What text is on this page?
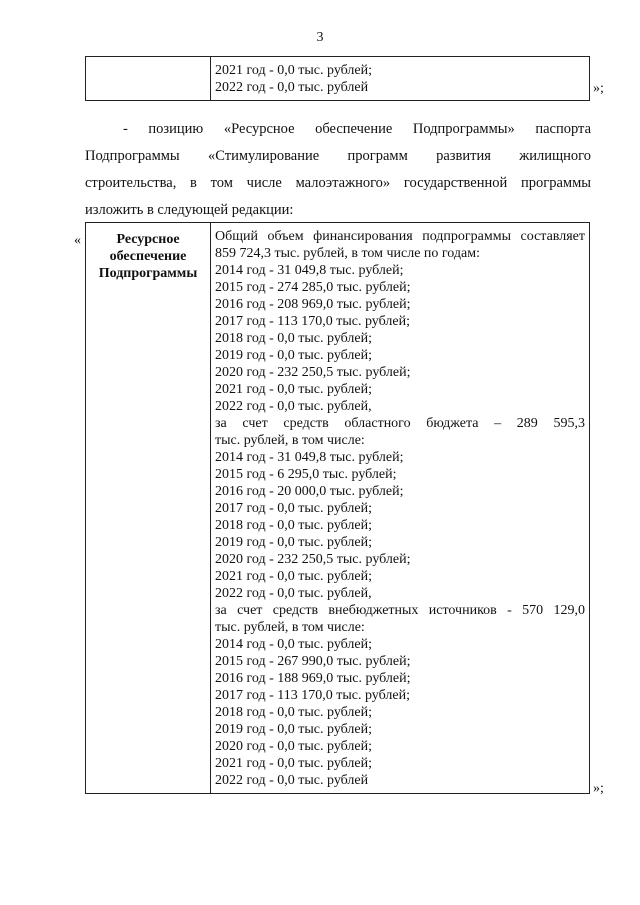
3

2021 год - 0,0 тыс. рублей;
2022 год - 0,0 тыс. рублей	»;
- позицию «Ресурсное обеспечение Подпрограммы» паспорта
Подпрограммы «Стимулирование программ развития жилищного
строительства, в том числе малоэтажного» государственной программы
изложить в следующей редакции:
«	Ресурсное
обеспечение
Подпрограммы

Общий объем финансирования подпрограммы составляет
859 724,3 тыс. рублей, в том числе по годам:
2014 год - 31 049,8 тыс. рублей;
2015 год - 274 285,0 тыс. рублей;
2016 год - 208 969,0 тыс. рублей;
2017 год - 113 170,0 тыс. рублей;
2018 год - 0,0 тыс. рублей;
2019 год - 0,0 тыс. рублей;
2020 год - 232 250,5 тыс. рублей;
2021 год - 0,0 тыс. рублей;
2022 год - 0,0 тыс. рублей,
за счет средств областного бюджета – 289 595,3
тыс. рублей, в том числе:
2014 год - 31 049,8 тыс. рублей;
2015 год - 6 295,0 тыс. рублей;
2016 год - 20 000,0 тыс. рублей;
2017 год - 0,0 тыс. рублей;
2018 год - 0,0 тыс. рублей;
2019 год - 0,0 тыс. рублей;
2020 год - 232 250,5 тыс. рублей;
2021 год - 0,0 тыс. рублей;
2022 год - 0,0 тыс. рублей,
за счет средств внебюджетных источников - 570 129,0
тыс. рублей, в том числе:
2014 год - 0,0 тыс. рублей;
2015 год - 267 990,0 тыс. рублей;
2016 год - 188 969,0 тыс. рублей;
2017 год - 113 170,0 тыс. рублей;
2018 год - 0,0 тыс. рублей;
2019 год - 0,0 тыс. рублей;
2020 год - 0,0 тыс. рублей;
2021 год - 0,0 тыс. рублей;
2022 год - 0,0 тыс. рублей
»;
